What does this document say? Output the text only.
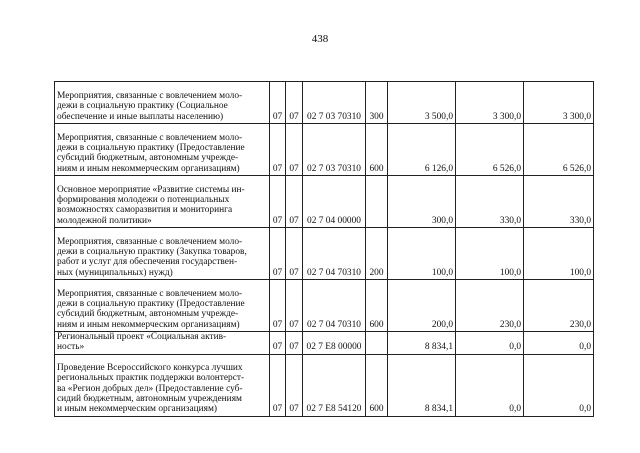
438
Мероприятия, связанные с вовлечением моло-
дежи в социальную практику (Социальное
обеспечение и иные выплаты населению)	07	07	02 7 03 70310	300	3 500,0	3 300,0	3 300,0

Мероприятия, связанные с вовлечением моло-
дежи в социальную практику (Предоставление
субсидий бюджетным, автономным учрежде-
ниям и иным некоммерческим организациям)	07	07	02 7 03 70310	600	6 126,0	6 526,0	6 526,0

Основное мероприятие «Развитие системы ин-
формирования молодежи о потенциальных
возможностях саморазвития и мониторинга
молодежной политики»	07	07	02 7 04 00000		300,0	330,0	330,0

Мероприятия, связанные с вовлечением моло-
дежи в социальную практику (Закупка товаров,
работ и услуг для обеспечения государствен-
ных (муниципальных) нужд)	07	07	02 7 04 70310	200	100,0	100,0	100,0

Мероприятия, связанные с вовлечением моло-
дежи в социальную практику (Предоставление
субсидий бюджетным, автономным учрежде-
ниям и иным некоммерческим организациям)	07	07	02 7 04 70310	600	200,0	230,0	230,0

Региональный проект «Социальная актив-
ность»	07	07	02 7 Е8 00000		8 834,1	0,0	0,0

Проведение Всероссийского конкурса лучших
региональных практик поддержки волонтерст-
ва «Регион добрых дел» (Предоставление суб-
сидий бюджетным, автономным учреждениям
и иным некоммерческим организациям)	07	07	02 7 Е8 54120	600	8 834,1	0,0	0,0
